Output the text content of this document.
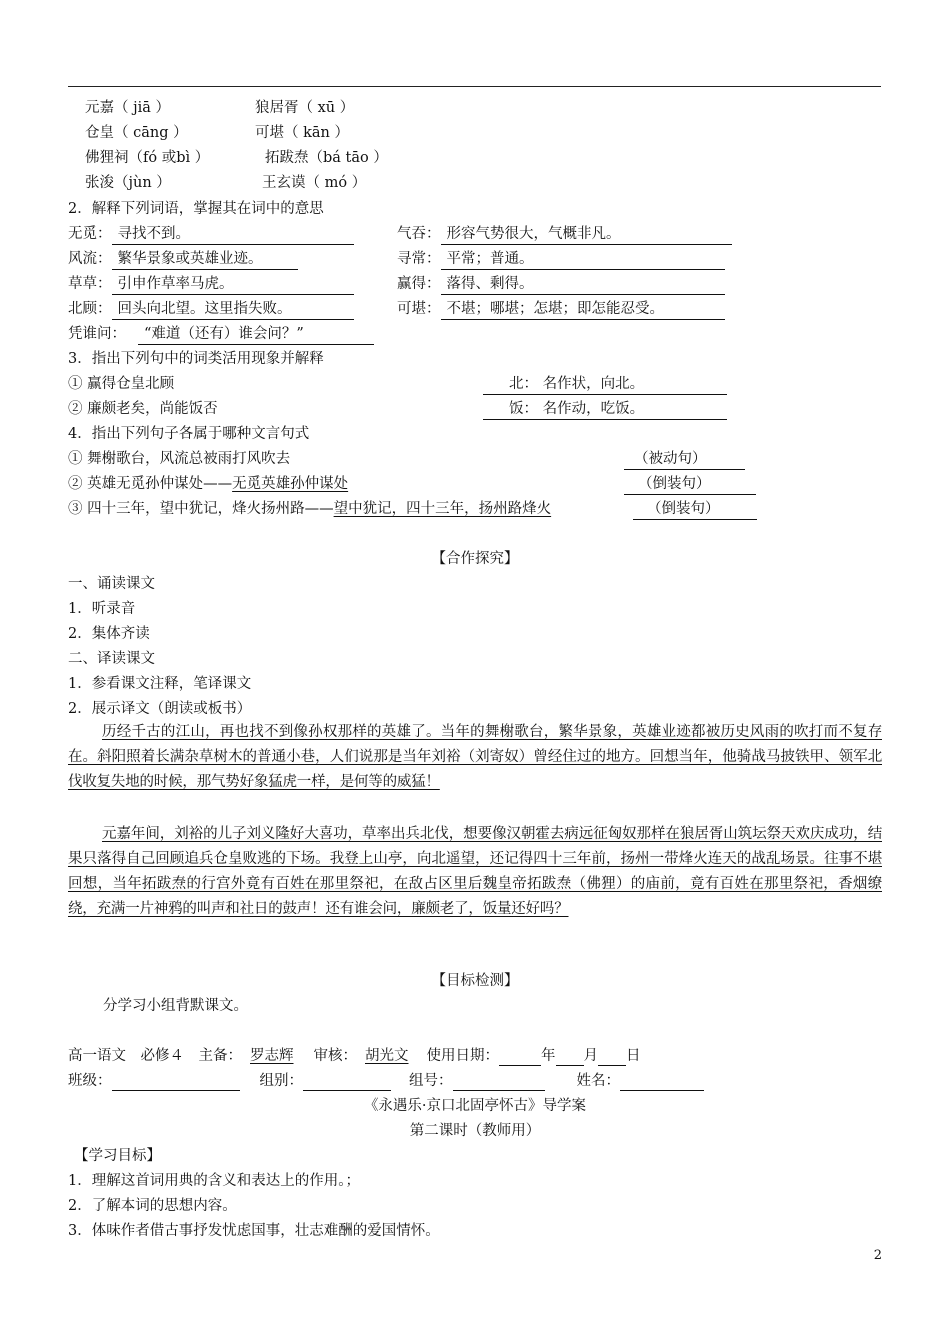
元嘉（ jiā ）	狼居胥（ xū ）
仓皇（ cāng ）	可堪（ kān ）
佛狸祠（fó 或bì ）	拓跋焘（bá tāo ）
张浚（jùn ）	王玄谟（ mó ）
2．解释下列词语，掌握其在词中的意思
无觅： 寻找不到。	气吞： 形容气势很大，气概非凡。
风流： 繁华景象或英雄业迹。	寻常： 平常；普通。
草草： 引申作草率马虎。	赢得： 落得、剩得。
北顾： 回头向北望。这里指失败。	可堪： 不堪；哪堪；怎堪；即怎能忍受。
凭谁问： “难道（还有）谁会问？”
3．指出下列句中的词类活用现象并解释
① 赢得仓皇北顾	北： 名作状，向北。
② 廉颇老矣，尚能饭否	饭： 名作动，吃饭。
4．指出下列句子各属于哪种文言句式
① 舞榭歌台，风流总被雨打风吹去	（被动句）
② 英雄无觅孙仲谋处——无觅英雄孙仲谋处	（倒装句）
③ 四十三年，望中犹记，烽火扬州路——望中犹记，四十三年，扬州路烽火	（倒装句）
【合作探究】
一、诵读课文
1．听录音
2．集体齐读
二、译读课文
1．参看课文注释，笔译课文
2．展示译文（朗读或板书）
历经千古的江山，再也找不到像孙权那样的英雄了。当年的舞榭歌台，繁华景象，英雄业迹都被历史风雨的吹打而不复存在。斜阳照着长满杂草树木的普通小巷，人们说那是当年刘裕（刘寄奴）曾经住过的地方。回想当年，他骑战马披铁甲、领军北伐收复失地的时候，那气势好象猛虎一样，是何等的威猛！
元嘉年间，刘裕的儿子刘义隆好大喜功，草率出兵北伐，想要像汉朝霍去病远征匈奴那样在狼居胥山筑坛祭天欢庆成功，结果只落得自己回顾追兵仓皇败逃的下场。我登上山亭，向北遥望，还记得四十三年前，扬州一带烽火连天的战乱场景。往事不堪回想，当年拓跋焘的行宫外竟有百姓在那里祭祀，在敌占区里后魏皇帝拓跋焘（佛狸）的庙前，竟有百姓在那里祭祀，香烟缭绕，充满一片神鸦的叫声和社日的鼓声！还有谁会问，廉颇老了，饭量还好吗？
【目标检测】
分学习小组背默课文。
高一语文　必修４　主备： 罗志辉 审核： 胡光文 使用日期：	年 月 日
班级：	组别：	组号：	姓名：
《永遇乐·京口北固亭怀古》导学案
第二课时（教师用）
【学习目标】
1．理解这首词用典的含义和表达上的作用。；
2．了解本词的思想内容。
3．体味作者借古事抒发忧虑国事，壮志难酬的爱国情怀。
2
